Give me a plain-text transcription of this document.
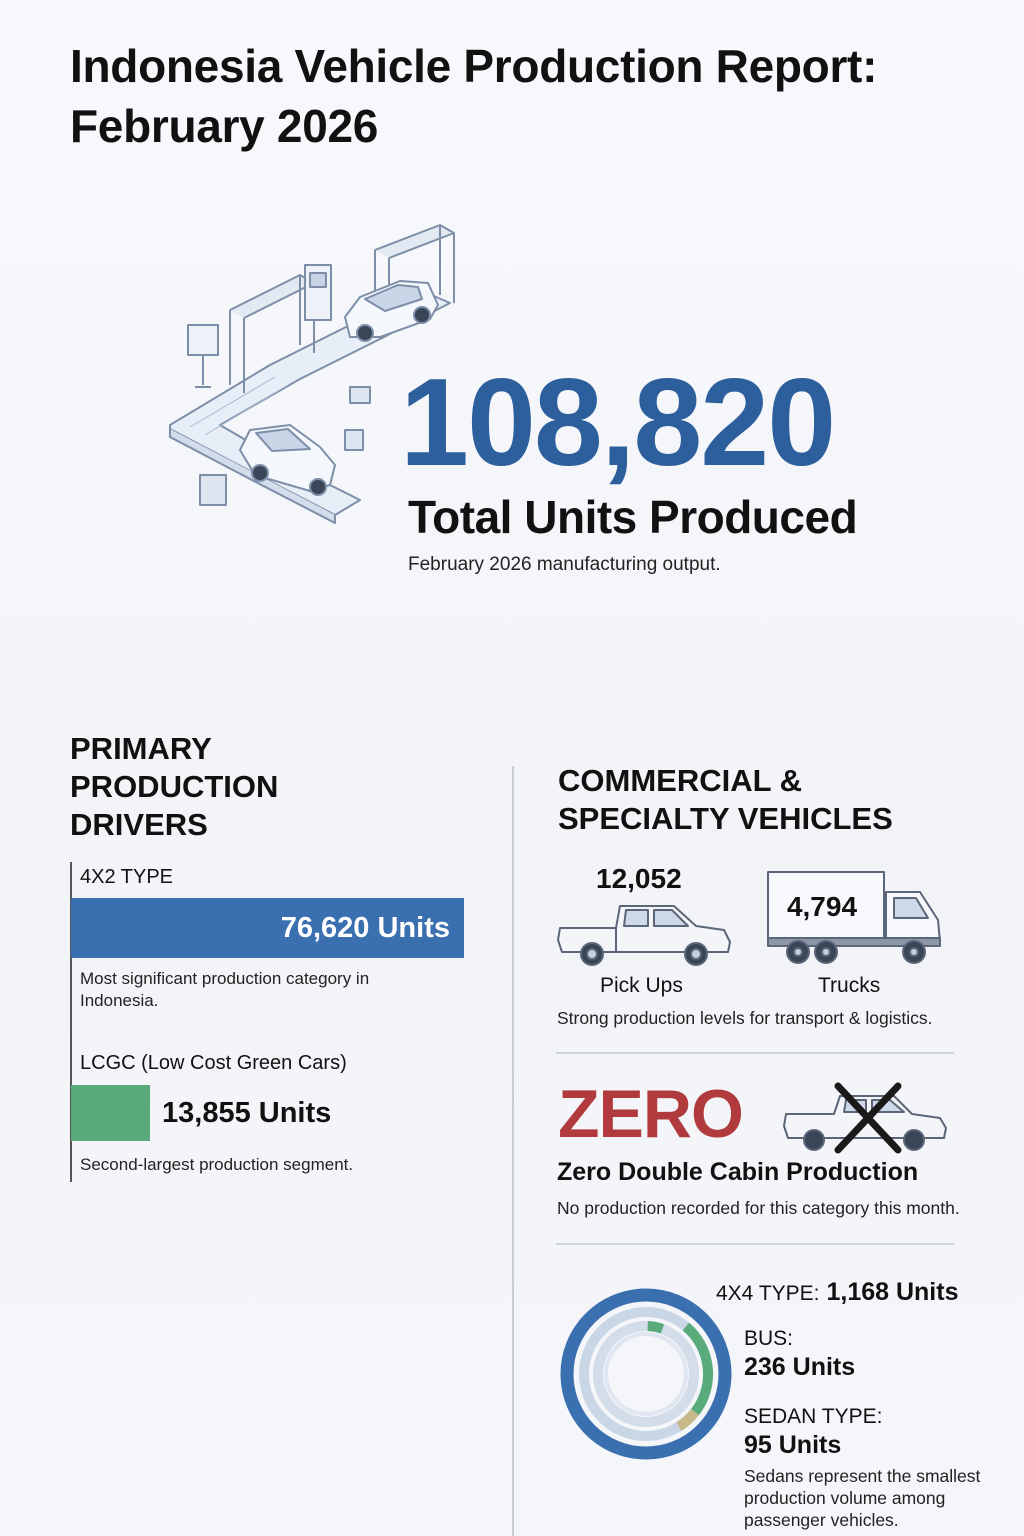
Indonesia Vehicle Production Report: February 2026
108,820
Total Units Produced
February 2026 manufacturing output.
PRIMARY PRODUCTION DRIVERS
4X2 TYPE
76,620 Units
Most significant production category in Indonesia.
LCGC (Low Cost Green Cars)
13,855 Units
Second-largest production segment.
COMMERCIAL & SPECIALTY VEHICLES
12,052
Pick Ups
4,794
Trucks
Strong production levels for transport & logistics.
ZERO
Zero Double Cabin Production
No production recorded for this category this month.
4X4 TYPE: 1,168 Units
BUS:
236 Units
SEDAN TYPE:
95 Units
Sedans represent the smallest production volume among passenger vehicles.
